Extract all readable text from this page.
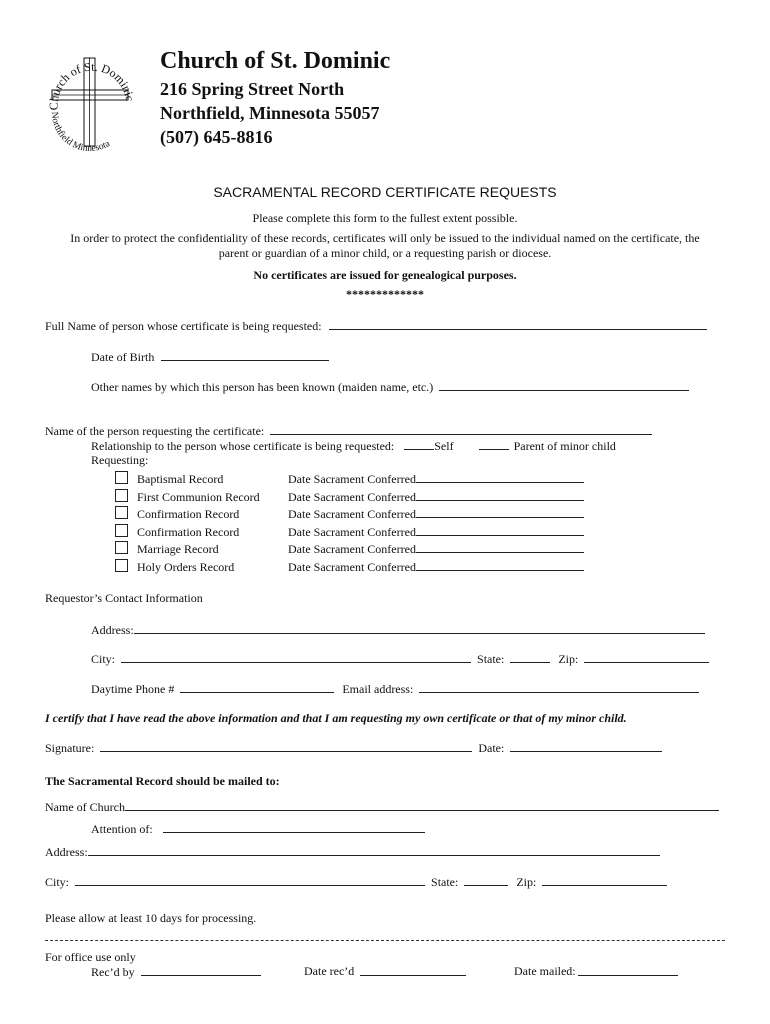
Church of St. Dominic
Northfield Minnesota
Church of St. Dominic
216 Spring Street North
Northfield, Minnesota 55057
(507) 645-8816
SACRAMENTAL RECORD CERTIFICATE REQUESTS
Please complete this form to the fullest extent possible.
In order to protect the confidentiality of these records, certificates will only be issued to the individual named on the certificate, the
parent or guardian of a minor child, or a requesting parish or diocese.
No certificates are issued for genealogical purposes.
*************
Full Name of person whose certificate is being requested:
Date of Birth
Other names by which this person has been known (maiden name, etc.)
Name of the person requesting the certificate:
Relationship to the person whose certificate is being requested:	Self	Parent of minor child
Requesting:
Baptismal Record	Date Sacrament Conferred
First Communion Record Date Sacrament Conferred
Confirmation Record	Date Sacrament Conferred
Confirmation Record	Date Sacrament Conferred
Marriage Record	Date Sacrament Conferred
Holy Orders Record	Date Sacrament Conferred
Requestor’s Contact Information
Address:
City:	State:	Zip:
Daytime Phone #	Email address:
I certify that I have read the above information and that I am requesting my own certificate or that of my minor child.
Signature:	Date:
The Sacramental Record should be mailed to:
Name of Church
Attention of:
Address:
City:	State:	Zip:
Please allow at least 10 days for processing.
For office use only
Rec’d by	Date rec’d	Date mailed:
